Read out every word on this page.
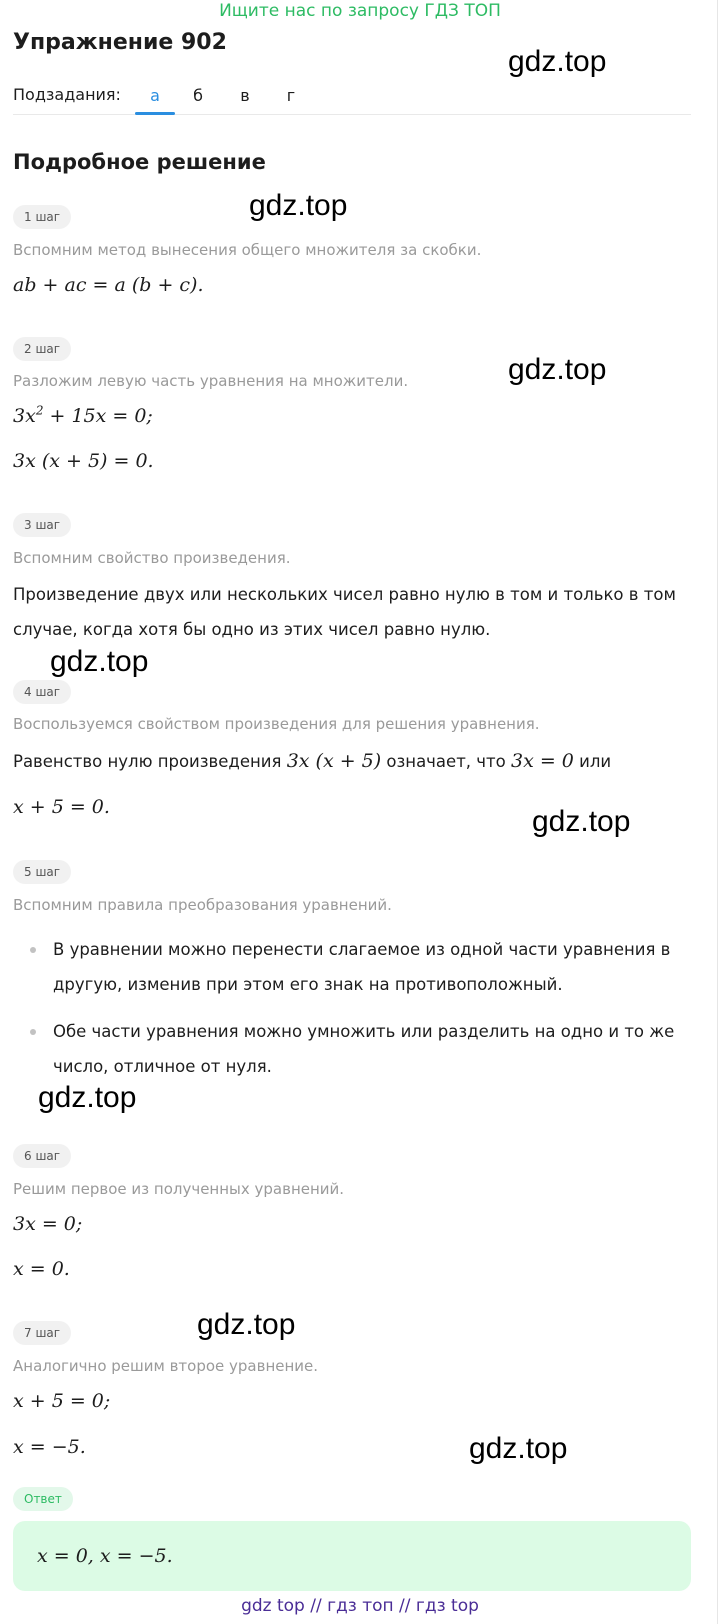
Ищите нас по запросу ГДЗ ТОП
Упражнение 902
Подзадания:	а	б	в	г
Подробное решение
gdz.top
gdz.top
gdz.top
gdz.top
gdz.top
gdz.top
gdz.top
gdz.top
1 шаг
Вспомним метод вынесения общего множителя за скобки.
ab + ac = a (b + c).
2 шаг
Разложим левую часть уравнения на множители.
$3x^2 + 15x = 0$;
3x (x + 5) = 0.
3 шаг
Вспомним свойство произведения.
Произведение двух или нескольких чисел равно нулю в том и только в том случае, когда хотя бы одно из этих чисел равно нулю.
4 шаг
Воспользуемся свойством произведения для решения уравнения.
Равенство нулю произведения 3x (x + 5) означает, что 3x = 0 или
x + 5 = 0.
5 шаг
Вспомним правила преобразования уравнений.
В уравнении можно перенести слагаемое из одной части уравнения в другую, изменив при этом его знак на противоположный.
Обе части уравнения можно умножить или разделить на одно и то же число, отличное от нуля.
6 шаг
Решим первое из полученных уравнений.
3x = 0;
x = 0.
7 шаг
Аналогично решим второе уравнение.
x + 5 = 0;
x = −5.
Ответ
x = 0, x = −5.
gdz top // гдз топ // гдз top
